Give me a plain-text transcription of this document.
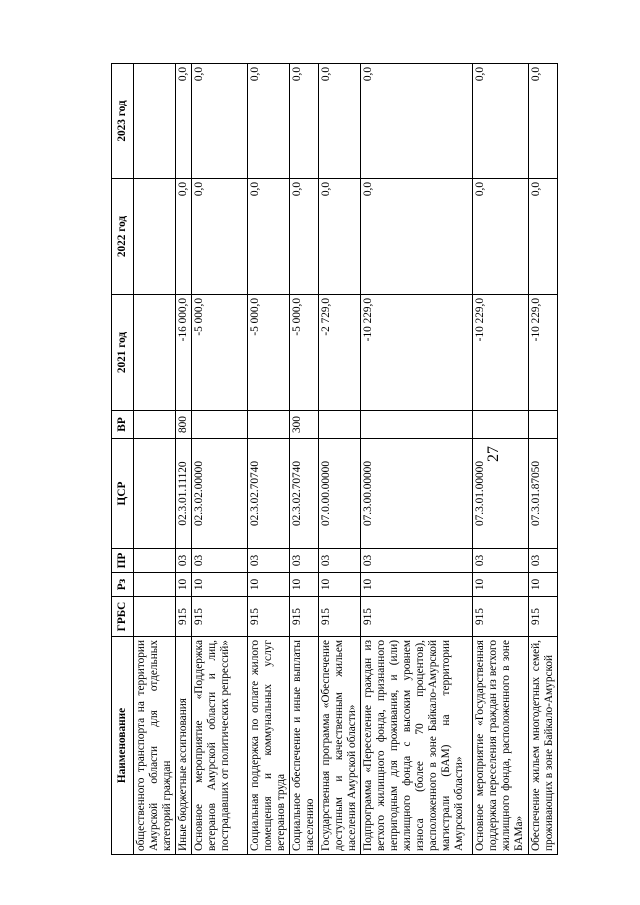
27
Наименование	ГРБС	Рз	ПР	ЦСР	ВР	2021 год	2022 год	2023 год
общественного транспорта на территории Амурской области для отдельных категорий граждан								
Иные бюджетные ассигнования	915	10	03	02.3.01.11120	800	-16 000,0	0,0	0,0
Основное мероприятие «Поддержка ветеранов Амурской области и лиц, пострадавших от политических репрессий»	915	10	03	02.3.02.00000		-5 000,0	0,0	0,0
Социальная поддержка по оплате жилого помещения и коммунальных услуг ветеранов труда	915	10	03	02.3.02.70740		-5 000,0	0,0	0,0
Социальное обеспечение и иные выплаты населению	915	10	03	02.3.02.70740	300	-5 000,0	0,0	0,0
Государственная программа «Обеспечение доступным и качественным жильем населения Амурской области»	915	10	03	07.0.00.00000		-2 729,0	0,0	0,0
Подпрограмма «Переселение граждан из ветхого жилищного фонда, признанного непригодным для проживания, и (или) жилищного фонда с высоким уровнем износа (более 70 процентов), расположенного в зоне Байкало-Амурской магистрали (БАМ) на территории Амурской области»	915	10	03	07.3.00.00000		-10 229,0	0,0	0,0
Основное мероприятие «Государственная поддержка переселения граждан из ветхого жилищного фонда, расположенного в зоне БАМа»	915	10	03	07.3.01.00000		-10 229,0	0,0	0,0
Обеспечение жильем многодетных семей, проживающих в зоне Байкало-Амурской	915	10	03	07.3.01.87050		-10 229,0	0,0	0,0
